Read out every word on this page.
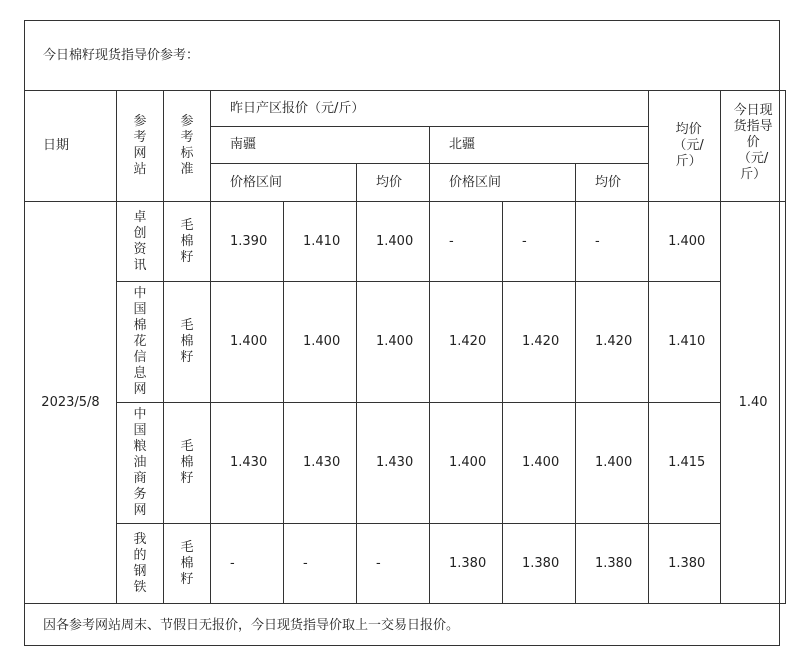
今日棉籽现货指导价参考：
日期	参考网站	参考标准	昨日产区报价（元/斤）						均价（元/斤）	今日现货指导价（元/斤）
			南疆			北疆				
			价格区间		均价	价格区间		均价		
2023/5/8	卓创资讯	毛棉籽	1.390	1.410	1.400	-	-	-	1.400	1.40
	中国棉花信息网	毛棉籽	1.400	1.400	1.400	1.420	1.420	1.420	1.410	
	中国粮油商务网	毛棉籽	1.430	1.430	1.430	1.400	1.400	1.400	1.415	
	我的钢铁	毛棉籽	-	-	-	1.380	1.380	1.380	1.380	
因各参考网站周末、节假日无报价，今日现货指导价取上一交易日报价。
